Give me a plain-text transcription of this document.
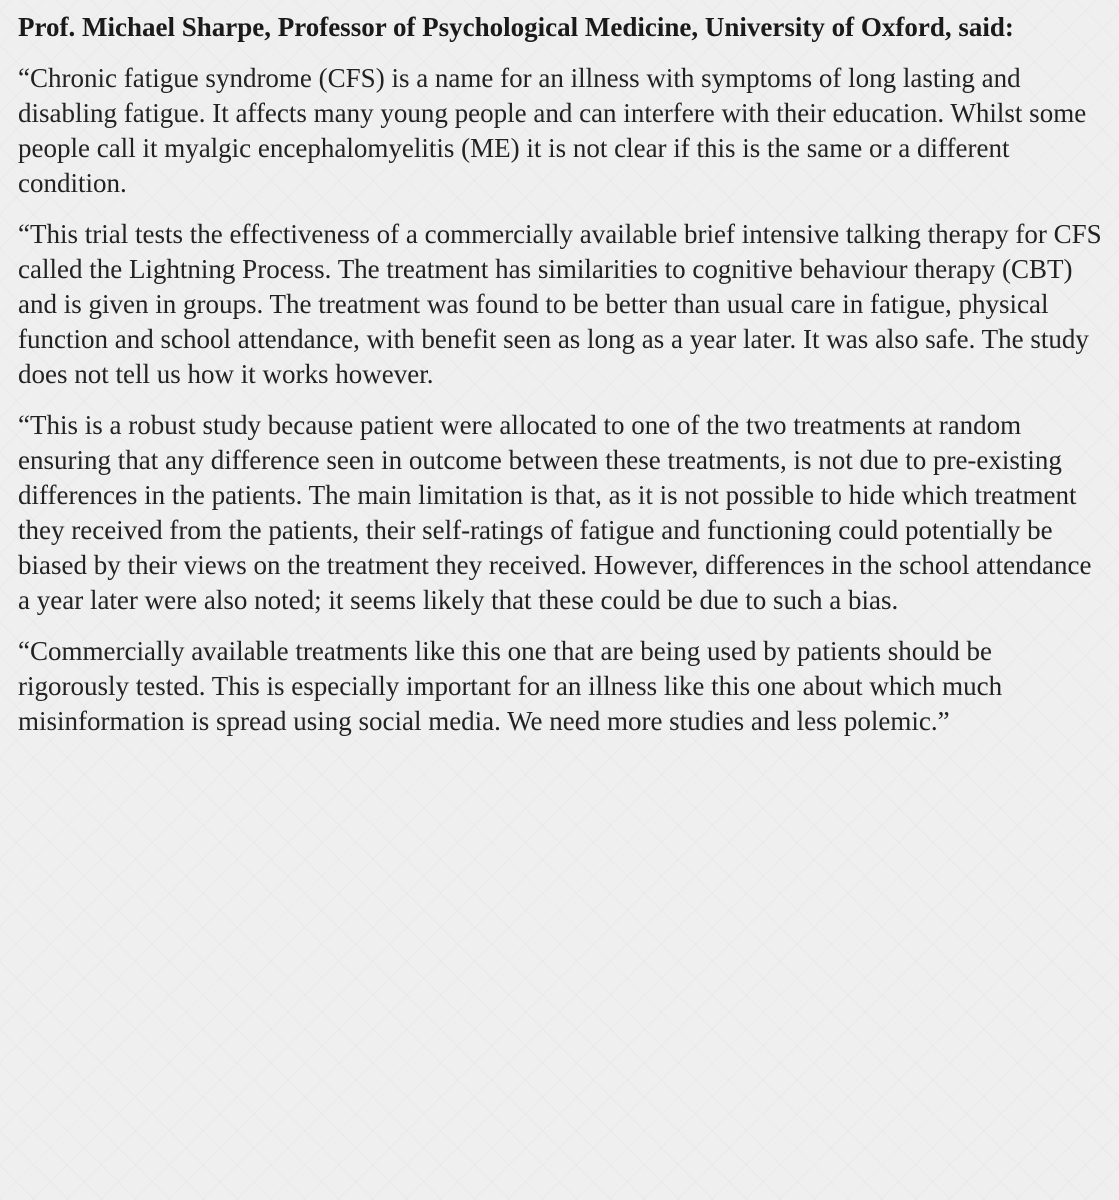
Prof. Michael Sharpe, Professor of Psychological Medicine, University of Oxford, said:

“Chronic fatigue syndrome (CFS) is a name for an illness with symptoms of long lasting and disabling fatigue. It affects many young people and can interfere with their education. Whilst some people call it myalgic encephalomyelitis (ME) it is not clear if this is the same or a different condition.

“This trial tests the effectiveness of a commercially available brief intensive talking therapy for CFS called the Lightning Process. The treatment has similarities to cognitive behaviour therapy (CBT) and is given in groups. The treatment was found to be better than usual care in fatigue, physical function and school attendance, with benefit seen as long as a year later. It was also safe. The study does not tell us how it works however.

“This is a robust study because patient were allocated to one of the two treatments at random ensuring that any difference seen in outcome between these treatments, is not due to pre-existing differences in the patients. The main limitation is that, as it is not possible to hide which treatment they received from the patients, their self-ratings of fatigue and functioning could potentially be biased by their views on the treatment they received. However, differences in the school attendance a year later were also noted; it seems likely that these could be due to such a bias.

“Commercially available treatments like this one that are being used by patients should be rigorously tested. This is especially important for an illness like this one about which much misinformation is spread using social media. We need more studies and less polemic.”
